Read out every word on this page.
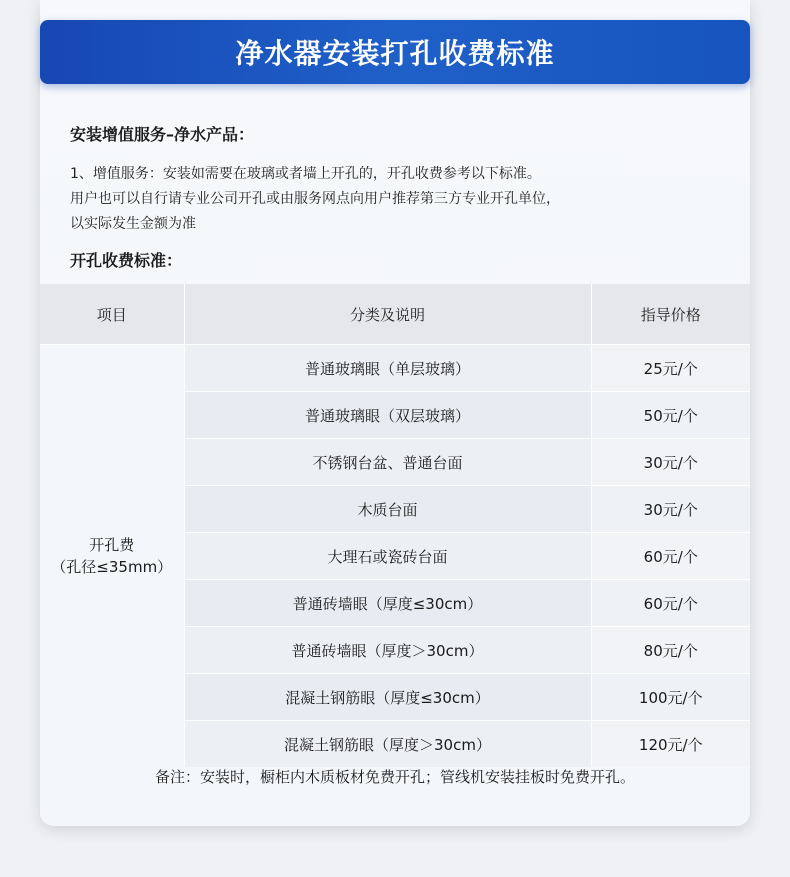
净水器安装打孔收费标准
安装增值服务–净水产品：
1、增值服务：安装如需要在玻璃或者墙上开孔的，开孔收费参考以下标准。
用户也可以自行请专业公司开孔或由服务网点向用户推荐第三方专业开孔单位，
以实际发生金额为准
开孔收费标准：
项目	分类及说明	指导价格

开孔费
（孔径≤35mm）	普通玻璃眼（单层玻璃）	25元/个
	普通玻璃眼（双层玻璃）	50元/个
	不锈钢台盆、普通台面	30元/个
	木质台面	30元/个
	大理石或瓷砖台面	60元/个
	普通砖墙眼（厚度≤30cm）	60元/个
	普通砖墙眼（厚度＞30cm）	80元/个
	混凝土钢筋眼（厚度≤30cm）	100元/个
	混凝土钢筋眼（厚度＞30cm）	120元/个
备注：安装时，橱柜内木质板材免费开孔；管线机安装挂板时免费开孔。
